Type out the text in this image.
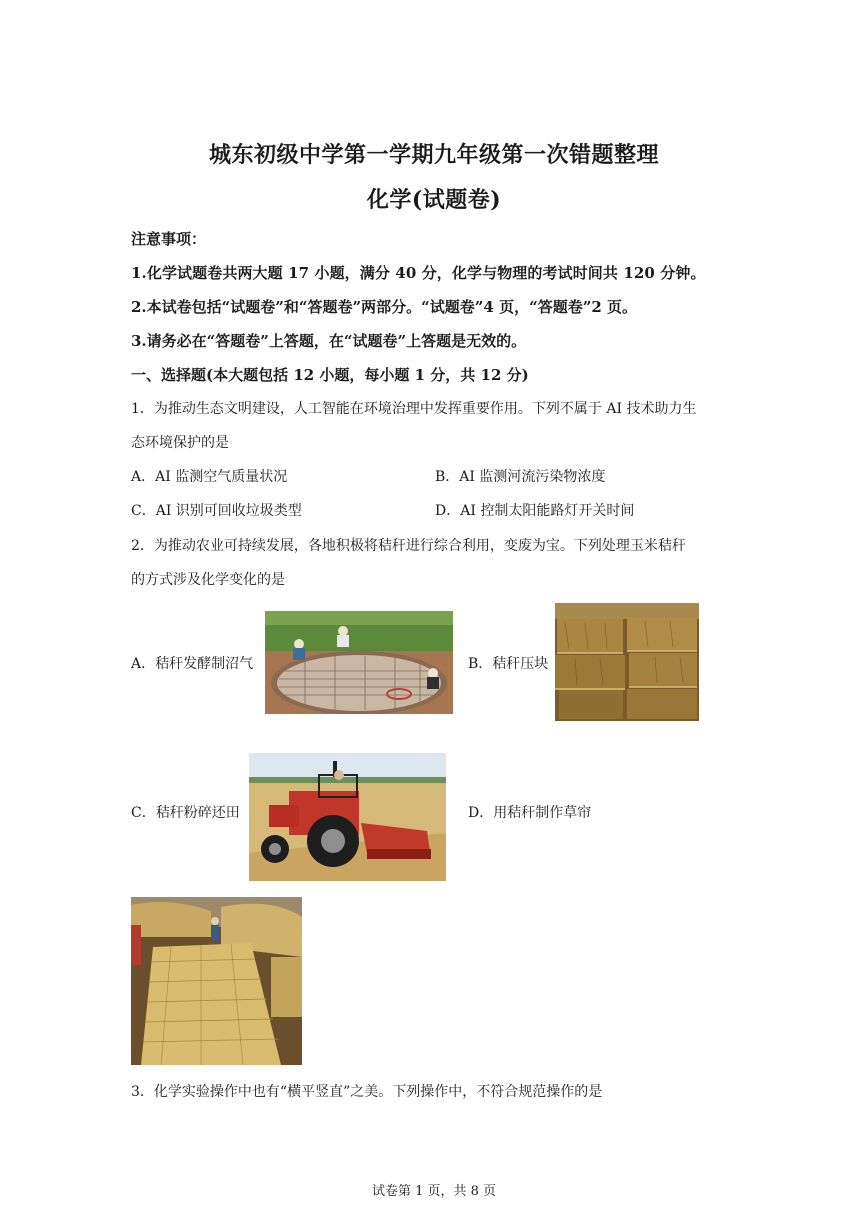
城东初级中学第一学期九年级第一次错题整理
化学(试题卷)
注意事项：
1.化学试题卷共两大题 17 小题，满分 40 分，化学与物理的考试时间共 120 分钟。
2.本试卷包括“试题卷”和“答题卷”两部分。“试题卷”4 页，“答题卷”2 页。
3.请务必在“答题卷”上答题，在“试题卷”上答题是无效的。
一、选择题(本大题包括 12 小题，每小题 1 分，共 12 分)
1．为推动生态文明建设，人工智能在环境治理中发挥重要作用。下列不属于 AI 技术助力生
态环境保护的是
A．AI 监测空气质量状况	B．AI 监测河流污染物浓度
C．AI 识别可回收垃圾类型	D．AI 控制太阳能路灯开关时间
2．为推动农业可持续发展，各地积极将秸秆进行综合利用，变废为宝。下列处理玉米秸秆
的方式涉及化学变化的是
A．秸秆发酵制沼气	B．秸秆压块
C．秸秆粉碎还田	D．用秸秆制作草帘
3．化学实验操作中也有“横平竖直”之美。下列操作中，不符合规范操作的是
试卷第 1 页，共 8 页
